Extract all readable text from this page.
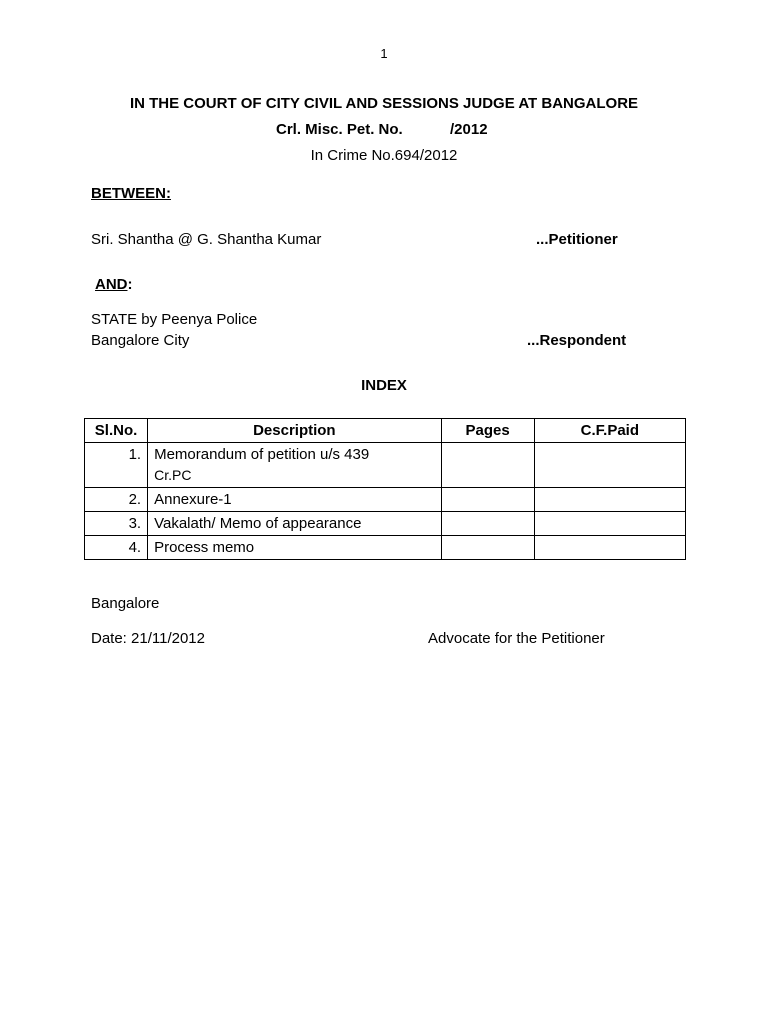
1
IN THE COURT OF CITY CIVIL AND SESSIONS JUDGE AT BANGALORE
Crl. Misc. Pet. No.	/2012
In Crime No.694/2012
BETWEEN:
Sri. Shantha @ G. Shantha Kumar	...Petitioner
AND:
STATE by Peenya Police
Bangalore City	...Respondent
INDEX
Sl.No.	Description	Pages	C.F.Paid
1.	Memorandum of petition u/s 439
Cr.PC		

2.	Annexure-1		
3.	Vakalath/ Memo of appearance		
4.	Process memo		
Bangalore
Date: 21/11/2012	Advocate for the Petitioner
